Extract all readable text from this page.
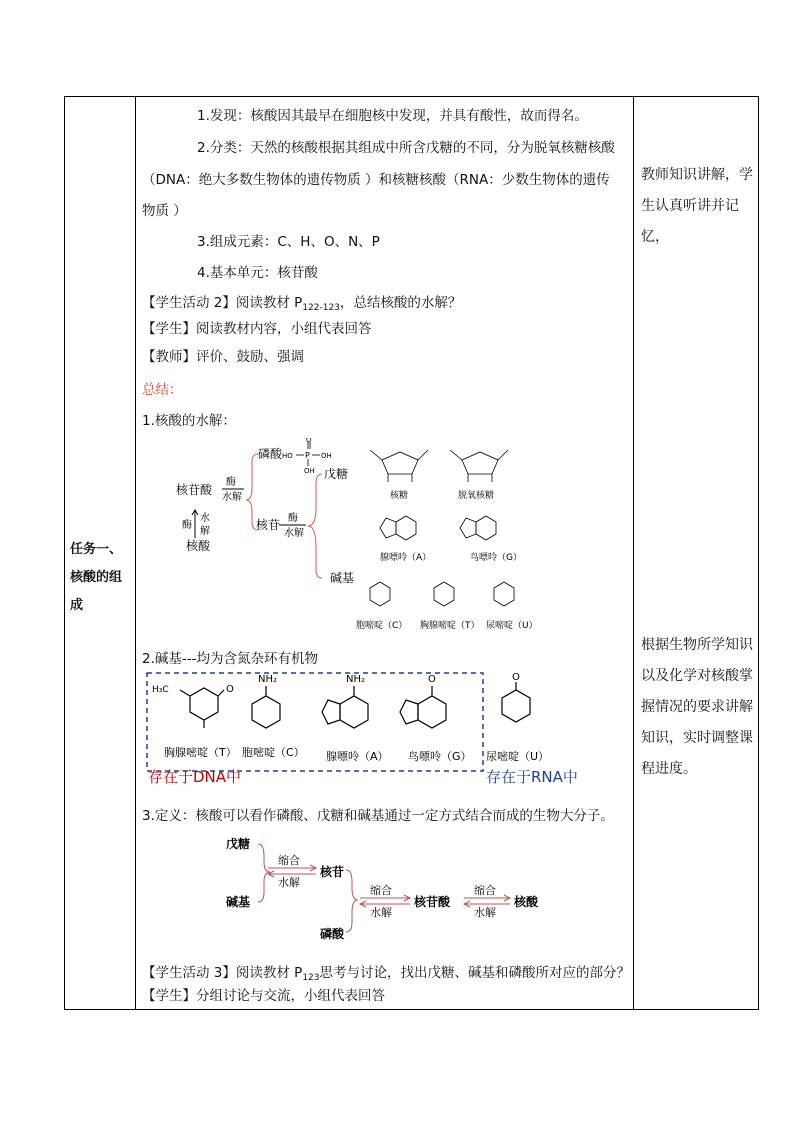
任务一、核酸的组成
教师知识讲解，学生认真听讲并记忆，
根据生物所学知识以及化学对核酸掌握情况的要求讲解知识，实时调整课程进度。
1.发现：核酸因其最早在细胞核中发现，并具有酸性，故而得名。
2.分类：天然的核酸根据其组成中所含戊糖的不同，分为脱氧核糖核酸
（DNA：绝大多数生物体的遗传物质 ）和核糖核酸（RNA：少数生物体的遗传
物质 ）
3.组成元素：C、H、O、N、P
4.基本单元：核苷酸
【学生活动 2】阅读教材 $P_{122-123}$，总结核酸的水解？
【学生】阅读教材内容，小组代表回答
【教师】评价、鼓励、强调
总结：
1.核酸的水解：
磷酸
戊糖
核苷酸
酶
水解
核苷 酶
水解
酶
水
解
核酸
碱基
HO P OH
O
OH
核糖	脱氧核糖
腺嘌呤（A）	鸟嘌呤（G）
胞嘧啶（C） 胸腺嘧啶（T） 尿嘧啶（U）
2.碱基---均为含氮杂环有机物
H₃C	O
NH₂	NH₂	O	O
胸腺嘧啶（T） 胞嘧啶（C） 腺嘌呤（A） 鸟嘌呤（G） 尿嘧啶（U）
存在于DNA中	存在于RNA中
3.定义：核酸可以看作磷酸、戊糖和碱基通过一定方式结合而成的生物大分子。
戊糖
碱基
缩合
水解
核苷
磷酸
缩合
水解
核苷酸
缩合
水解
核酸
【学生活动 3】阅读教材 $P_{123}$思考与讨论，找出戊糖、碱基和磷酸所对应的部分？
【学生】分组讨论与交流，小组代表回答
